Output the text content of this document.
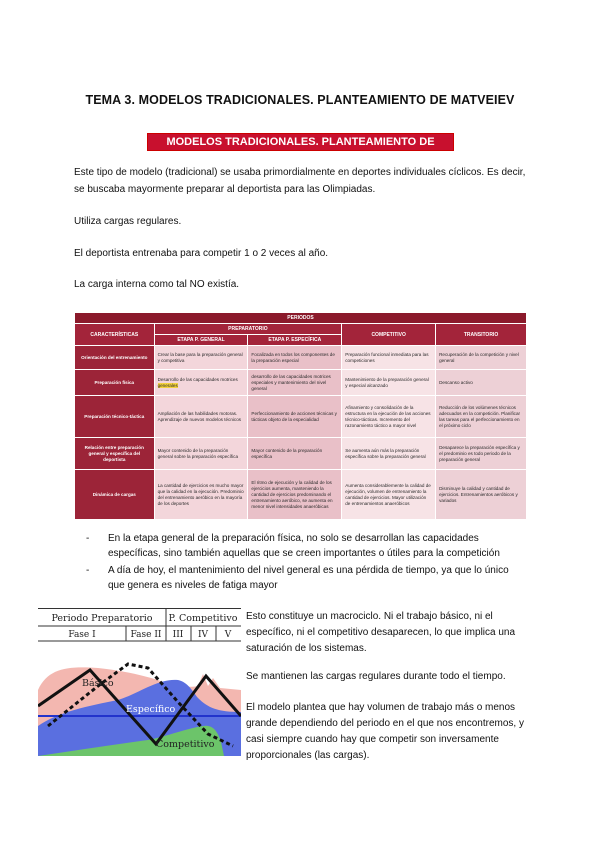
TEMA 3. MODELOS TRADICIONALES. PLANTEAMIENTO DE MATVEIEV
MODELOS TRADICIONALES. PLANTEAMIENTO DE MATVEIEV
Este tipo de modelo (tradicional) se usaba primordialmente en deportes individuales cíclicos. Es decir, se buscaba mayormente preparar al deportista para las Olimpiadas.
Utiliza cargas regulares.
El deportista entrenaba para competir 1 o 2 veces al año.
La carga interna como tal NO existía.
PERIODOS				
CARACTERÍSTICAS	PREPARATORIO		COMPETITIVO	TRANSITORIO
	ETAPA P. GENERAL	ETAPA P. ESPECÍFICA		
Orientación del entrenamiento	Crear la base para la preparación general y competitiva	Focalizada en todos los componentes de la preparación especial	Preparación funcional inmediata para las competiciones	Recuperación de la competición y nivel general
Preparación física	Desarrollo de las capacidades motrices generales	desarrollo de las capacidades motrices especiales y mantenimiento del nivel general	Mantenimiento de la preparación general y especial alcanzado	Descanso activo
Preparación técnico-táctica	Ampliación de las habilidades motoras. Aprendizaje de nuevos modelos técnicos	Perfeccionamiento de acciones técnicas y tácticas objeto de la especialidad	Afinamiento y consolidación de la estructura en la ejecución de las acciones técnico-tácticas. Incremento del razonamiento táctico a mayor nivel	Reducción de los volúmenes técnicos adecuados en la competición. Planificar las tareas para el perfeccionamiento en el próximo ciclo
Relación entre preparación general y específica del deportista	Mayor contenido de la preparación general sobre la preparación específica	Mayor contenido de la preparación específica	Se aumenta aún más la preparación específica sobre la preparación general	Desaparece la preparación específica y el predominio es todo periodo de la preparación general
Dinámica de cargas	La cantidad de ejercicios es mucho mayor que la calidad en la ejecución. Predominio del entrenamiento aeróbico en la mayoría de los deportes	El ritmo de ejecución y la calidad de los ejercicios aumenta, manteniendo la cantidad de ejercicios predominando el entrenamiento aeróbico, se aumenta en menor nivel intensidades anaeróbicas	Aumenta considerablemente la calidad de ejecución, volumen de entrenamiento la cantidad de ejercicios. Mayor utilización de entrenamientos anaeróbicos	Disminuye la calidad y cantidad de ejercicios. Entrenamientos aeróbicos y variados
- En la etapa general de la preparación física, no solo se desarrollan las capacidades específicas, sino también aquellas que se creen importantes o útiles para la competición
- A día de hoy, el mantenimiento del nivel general es una pérdida de tiempo, ya que lo único que genera es niveles de fatiga mayor
Periodo Preparatorio P. Competitivo
Fase I	Fase II III IV V
Básico
Específico
Competitivo
Esto constituye un macrociclo. Ni el trabajo básico, ni el específico, ni el competitivo desaparecen, lo que implica una saturación de los sistemas.
Se mantienen las cargas regulares durante todo el tiempo.
El modelo plantea que hay volumen de trabajo más o menos grande dependiendo del periodo en el que nos encontremos, y casi siempre cuando hay que competir son inversamente proporcionales (las cargas).
